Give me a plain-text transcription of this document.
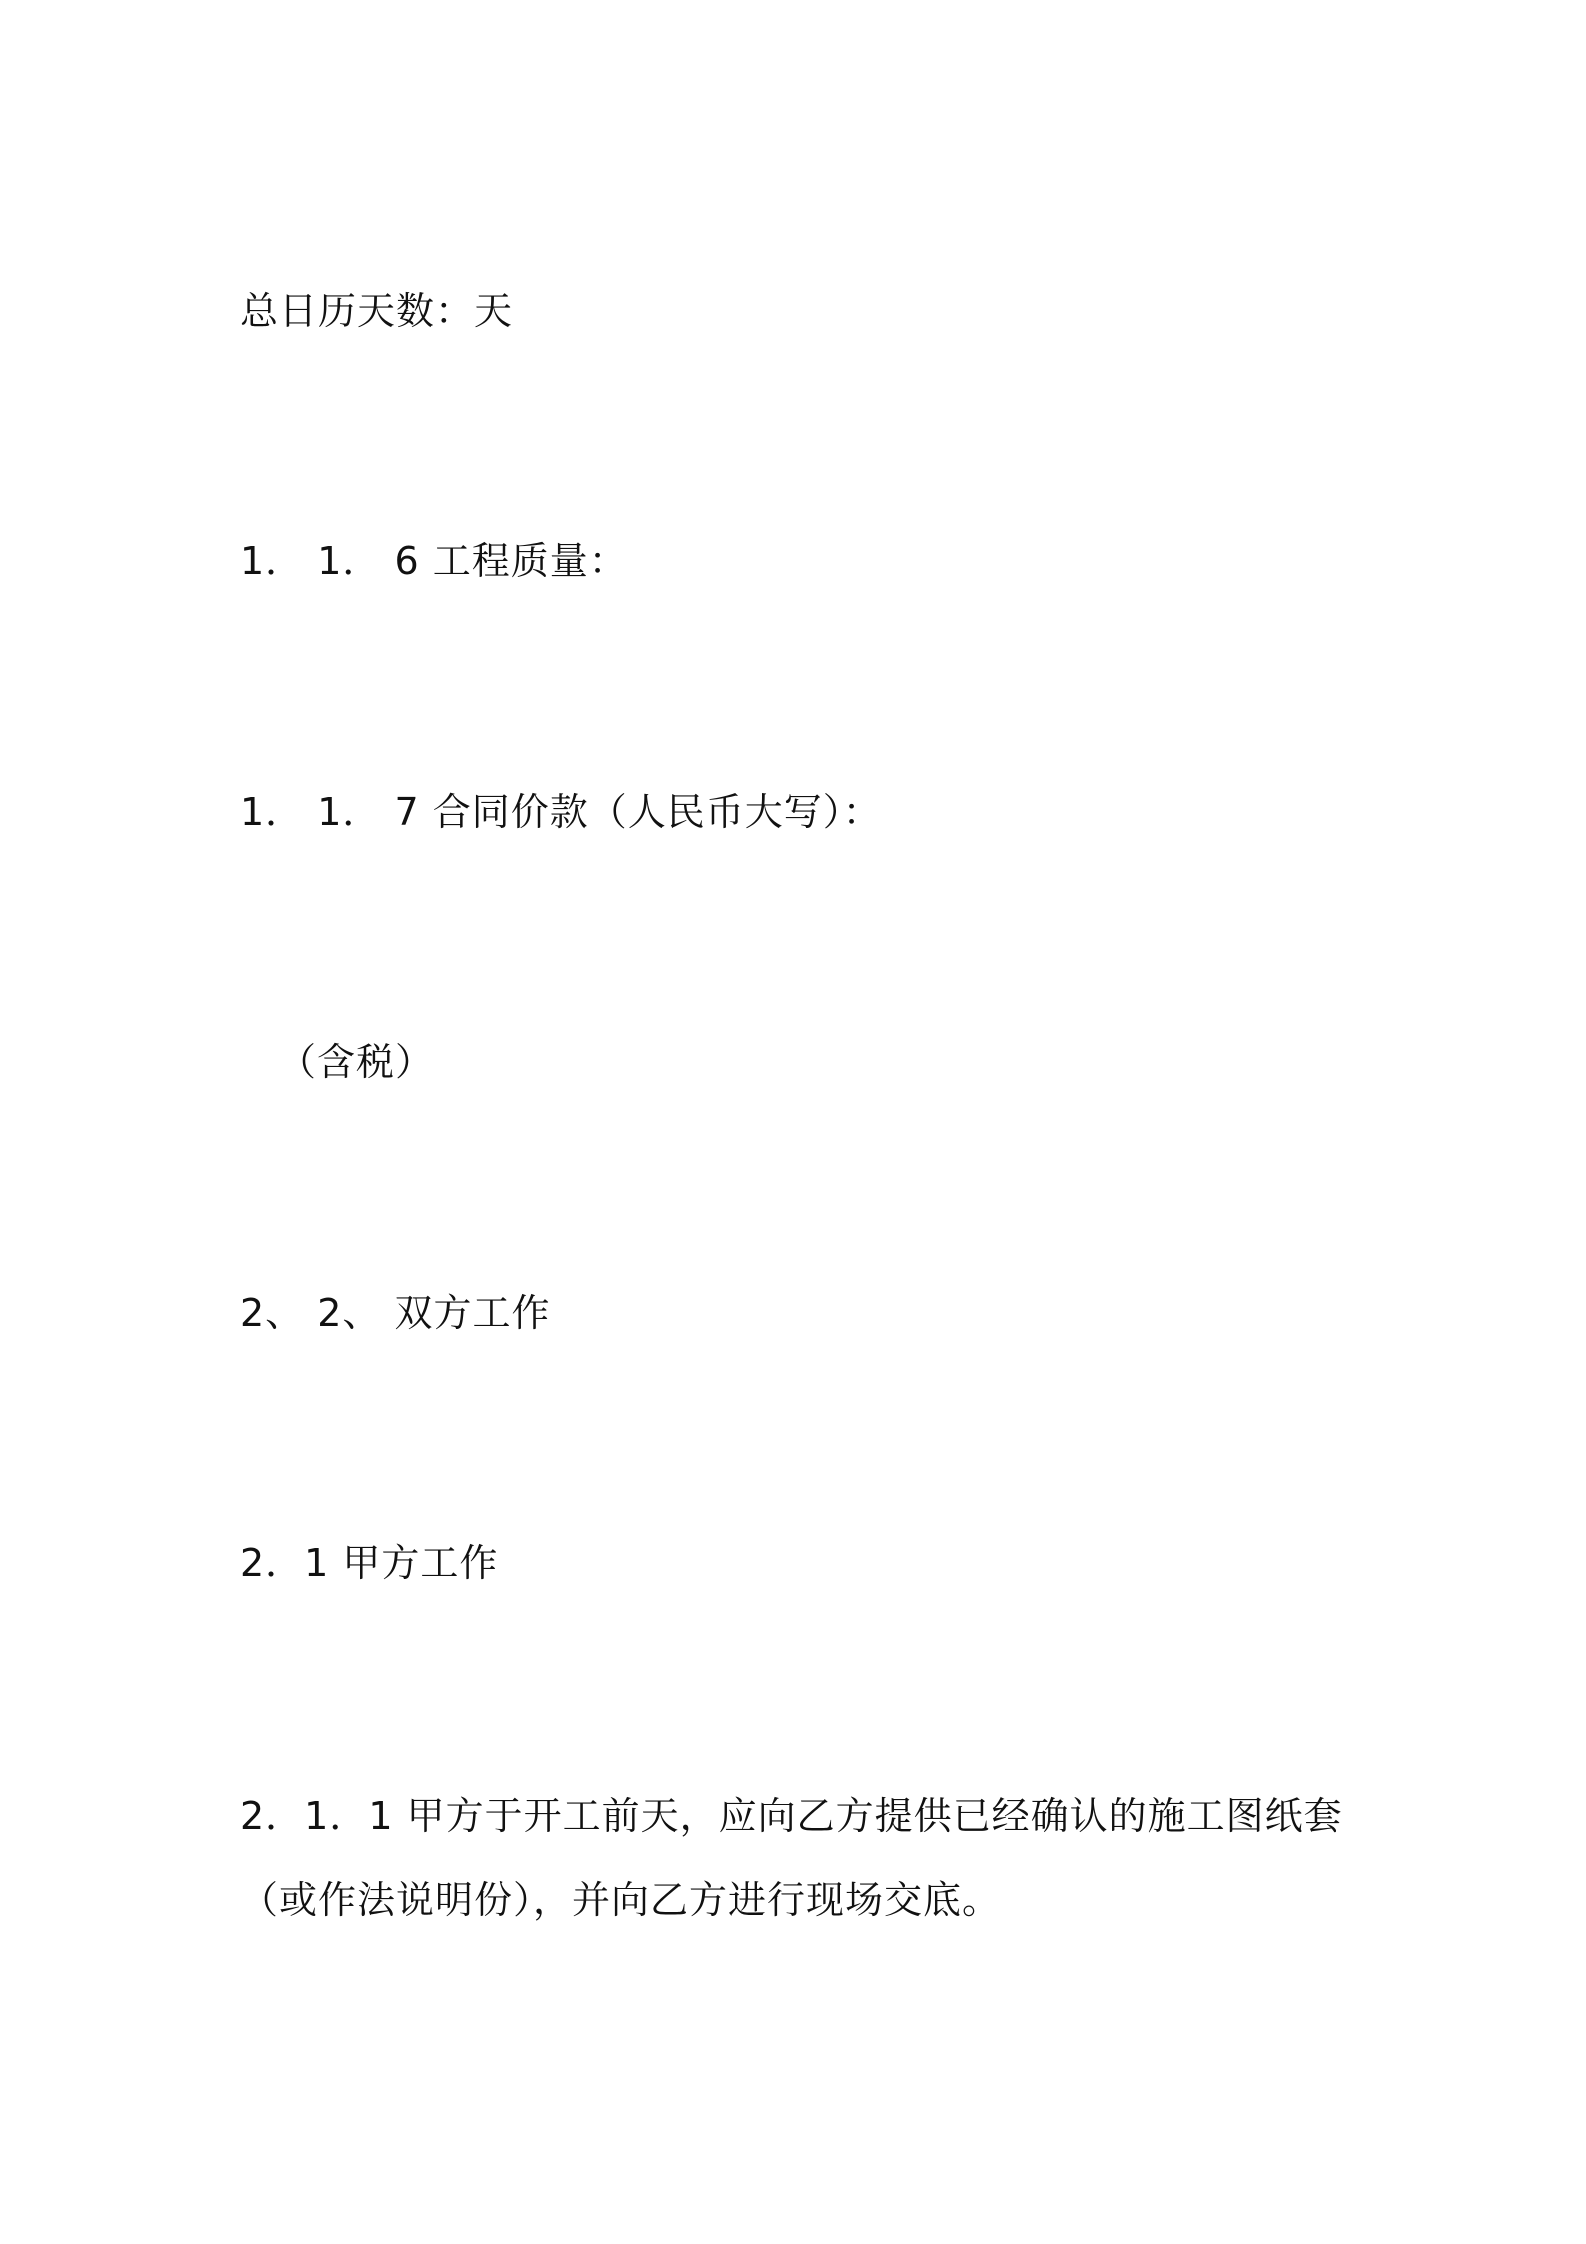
总日历天数：天
1． 1． 6 工程质量：
1． 1． 7 合同价款（人民币大写）：
（含税）
2、 2、 双方工作
2．1 甲方工作
2．1．1 甲方于开工前天，应向乙方提供已经确认的施工图纸套（或作法说明份），并向乙方进行现场交底。
